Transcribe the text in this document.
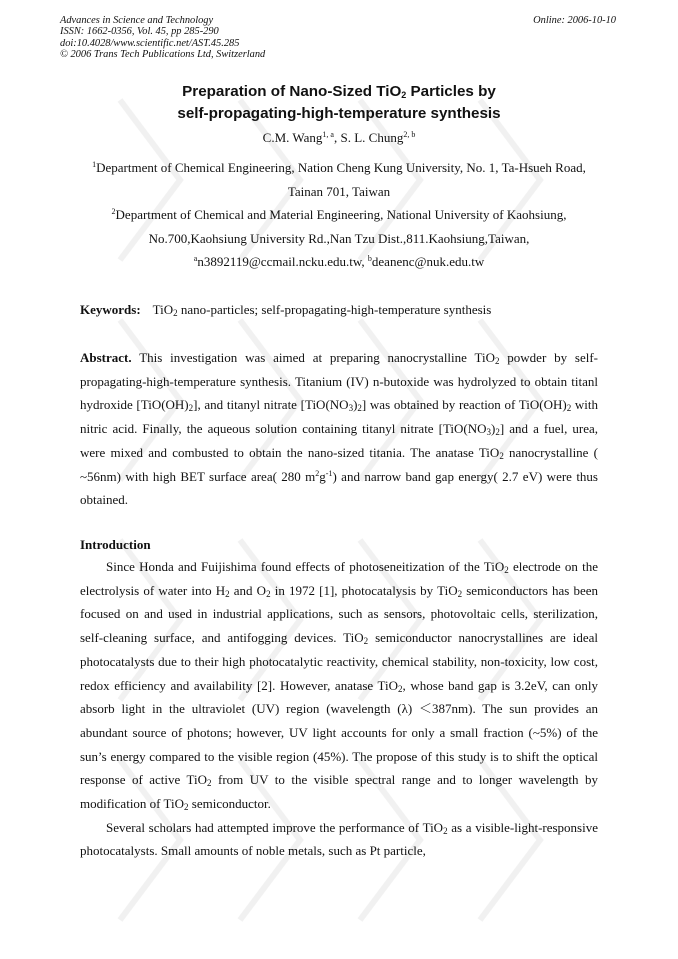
Advances in Science and Technology
ISSN: 1662-0356, Vol. 45, pp 285-290
doi:10.4028/www.scientific.net/AST.45.285
© 2006 Trans Tech Publications Ltd, Switzerland
Online: 2006-10-10
Preparation of Nano-Sized TiO$_2$ Particles by
self-propagating-high-temperature synthesis
C.M. Wang$^{1, a}$, S. L. Chung$^{2, b}$
$^1$Department of Chemical Engineering, Nation Cheng Kung University, No. 1, Ta-Hsueh Road,
Tainan 701, Taiwan
$^2$Department of Chemical and Material Engineering, National University of Kaohsiung,
No.700,Kaohsiung University Rd.,Nan Tzu Dist.,811.Kaohsiung,Taiwan,
$^a$n3892119@ccmail.ncku.edu.tw, $^b$deanenc@nuk.edu.tw
Keywords: TiO$_2$ nano-particles; self-propagating-high-temperature synthesis

Abstract. This investigation was aimed at preparing nanocrystalline TiO$_2$ powder by self-propagating-high-temperature synthesis. Titanium (IV) n-butoxide was hydrolyzed to obtain titanl hydroxide $[TiO(OH)_2]$, and titanyl nitrate $[TiO(NO_3)_2]$ was obtained by reaction of $TiO(OH)_2$ with nitric acid. Finally, the aqueous solution containing titanyl nitrate $[TiO(NO_3)_2]$ and a fuel, urea, were mixed and combusted to obtain the nano-sized titania. The anatase TiO$_2$ nanocrystalline ( ~56nm) with high BET surface area( 280 $m^2g^{-1}$) and narrow band gap energy( 2.7 eV) were thus obtained.

Introduction

Since Honda and Fuijishima found effects of photoseneitization of the TiO$_2$ electrode on the electrolysis of water into $H_2$ and $O_2$ in 1972 [1], photocatalysis by TiO$_2$ semiconductors has been focused on and used in industrial applications, such as sensors, photovoltaic cells, sterilization, self-cleaning surface, and antifogging devices. TiO$_2$ semiconductor nanocrystallines are ideal photocatalysts due to their high photocatalytic reactivity, chemical stability, non-toxicity, low cost, redox efficiency and availability [2]. However, anatase TiO$_2$, whose band gap is 3.2eV, can only absorb light in the ultraviolet (UV) region (wavelength (λ) ＜387nm). The sun provides an abundant source of photons; however, UV light accounts for only a small fraction (~5%) of the sun’s energy compared to the visible region (45%). The propose of this study is to shift the optical response of active TiO$_2$ from UV to the visible spectral range and to longer wavelength by modification of TiO$_2$ semiconductor.

Several scholars had attempted improve the performance of TiO$_2$ as a visible-light-responsive photocatalysts. Small amounts of noble metals, such as Pt particle,
